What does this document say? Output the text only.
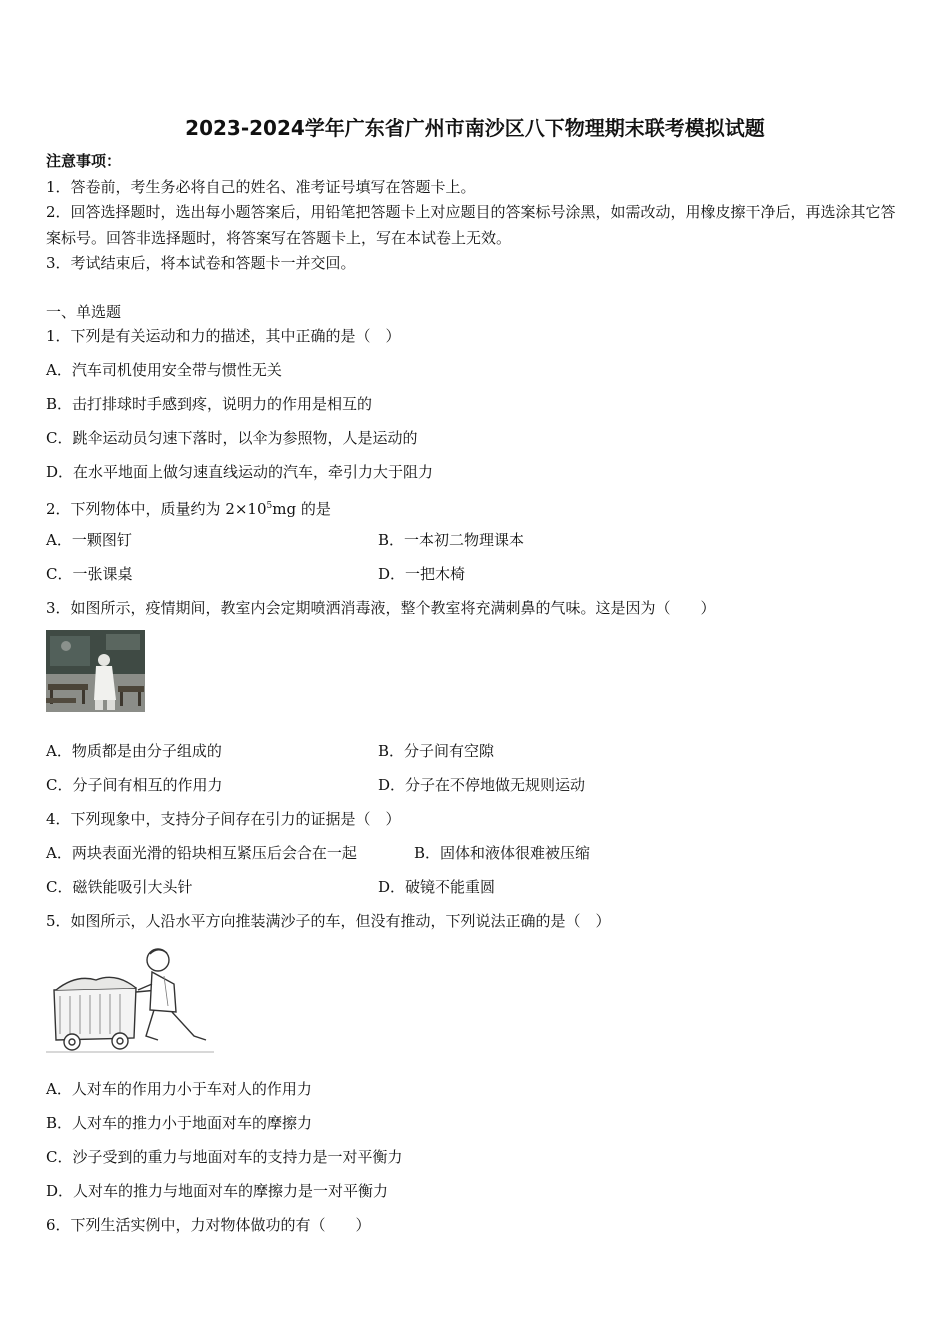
2023-2024学年广东省广州市南沙区八下物理期末联考模拟试题
注意事项：
1．答卷前，考生务必将自己的姓名、准考证号填写在答题卡上。
2．回答选择题时，选出每小题答案后，用铅笔把答题卡上对应题目的答案标号涂黑，如需改动，用橡皮擦干净后，再选涂其它答案标号。回答非选择题时，将答案写在答题卡上，写在本试卷上无效。
3．考试结束后，将本试卷和答题卡一并交回。
一、单选题
1．下列是有关运动和力的描述，其中正确的是（　）
A．汽车司机使用安全带与惯性无关
B．击打排球时手感到疼，说明力的作用是相互的
C．跳伞运动员匀速下落时，以伞为参照物，人是运动的
D．在水平地面上做匀速直线运动的汽车，牵引力大于阻力
2．下列物体中，质量约为 $2\times 10^5mg$ 的是
A．一颗图钉	B．一本初二物理课本
C．一张课桌	D．一把木椅
3．如图所示，疫情期间，教室内会定期喷洒消毒液，整个教室将充满刺鼻的气味。这是因为（　　）
A．物质都是由分子组成的	B．分子间有空隙
C．分子间有相互的作用力	D．分子在不停地做无规则运动
4．下列现象中，支持分子间存在引力的证据是（　）
A．两块表面光滑的铅块相互紧压后会合在一起	B．固体和液体很难被压缩
C．磁铁能吸引大头针	D．破镜不能重圆
5．如图所示，人沿水平方向推装满沙子的车，但没有推动，下列说法正确的是（　）
A．人对车的作用力小于车对人的作用力
B．人对车的推力小于地面对车的摩擦力
C．沙子受到的重力与地面对车的支持力是一对平衡力
D．人对车的推力与地面对车的摩擦力是一对平衡力
6．下列生活实例中，力对物体做功的有（　　）
